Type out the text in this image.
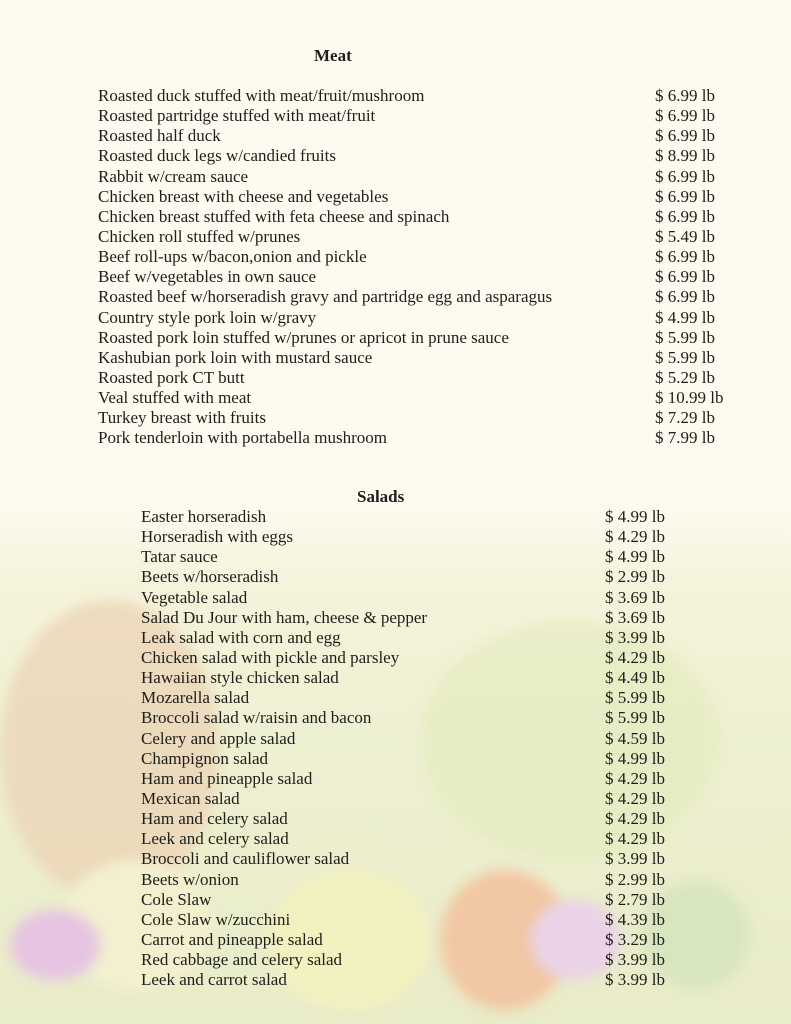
Meat
Roasted duck stuffed with meat/fruit/mushroom	$ 6.99 lb
Roasted partridge stuffed with meat/fruit	$ 6.99 lb
Roasted half duck	$ 6.99 lb
Roasted duck legs w/candied fruits	$ 8.99 lb
Rabbit w/cream sauce	$ 6.99 lb
Chicken breast with cheese and vegetables	$ 6.99 lb
Chicken breast stuffed with feta cheese and spinach	$ 6.99 lb
Chicken roll stuffed w/prunes	$ 5.49 lb
Beef roll-ups w/bacon,onion and pickle	$ 6.99 lb
Beef w/vegetables in own sauce	$ 6.99 lb
Roasted beef w/horseradish gravy and partridge egg and asparagus	$ 6.99 lb
Country style pork loin w/gravy	$ 4.99 lb
Roasted pork loin stuffed w/prunes or apricot in prune sauce	$ 5.99 lb
Kashubian pork loin with mustard sauce	$ 5.99 lb
Roasted pork CT butt	$ 5.29 lb
Veal stuffed with meat	$ 10.99 lb
Turkey breast with fruits	$ 7.29 lb
Pork tenderloin with portabella mushroom	$ 7.99 lb
Salads
Easter horseradish	$ 4.99 lb
Horseradish with eggs	$ 4.29 lb
Tatar sauce	$ 4.99 lb
Beets w/horseradish	$ 2.99 lb
Vegetable salad	$ 3.69 lb
Salad Du Jour with ham, cheese & pepper	$ 3.69 lb
Leak salad with corn and egg	$ 3.99 lb
Chicken salad with pickle and parsley	$ 4.29 lb
Hawaiian style chicken salad	$ 4.49 lb
Mozarella salad	$ 5.99 lb
Broccoli salad w/raisin and bacon	$ 5.99 lb
Celery and apple salad	$ 4.59 lb
Champignon salad	$ 4.99 lb
Ham and pineapple salad	$ 4.29 lb
Mexican salad	$ 4.29 lb
Ham and celery salad	$ 4.29 lb
Leek and celery salad	$ 4.29 lb
Broccoli and cauliflower salad	$ 3.99 lb
Beets w/onion	$ 2.99 lb
Cole Slaw	$ 2.79 lb
Cole Slaw w/zucchini	$ 4.39 lb
Carrot and pineapple salad	$ 3.29 lb
Red cabbage and celery salad	$ 3.99 lb
Leek and carrot salad	$ 3.99 lb
